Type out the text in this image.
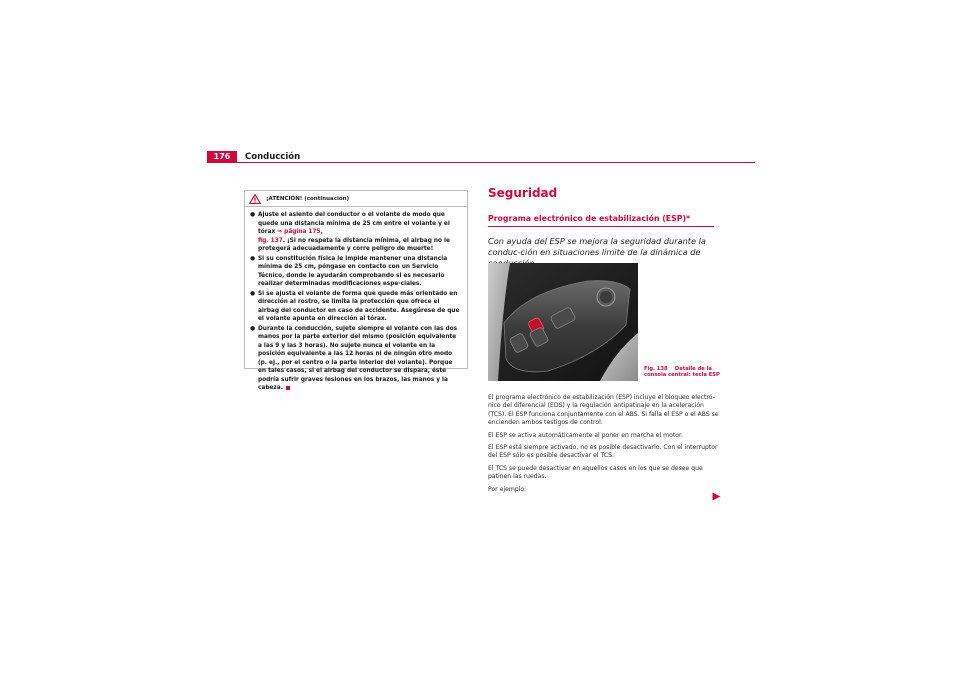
176	Conducción
¡ATENCIÓN! (continuación)
● Ajuste el asiento del conductor o el volante de modo que quede una distancia mínima de 25 cm entre el volante y el tórax ⇒ página 175,
fig. 137. ¡Si no respeta la distancia mínima, el airbag no le protegerá adecuadamente y corre peligro de muerte!
● Si su constitución física le impide mantener una distancia mínima de 25 cm, póngase en contacto con un Servicio Técnico, donde le ayudarán comprobando si es necesario realizar determinadas modificaciones espe-ciales.
● Si se ajusta el volante de forma que quede más orientado en dirección al rostro, se limita la protección que ofrece el airbag del conductor en caso de accidente. Asegúrese de que el volante apunta en dirección al tórax.
● Durante la conducción, sujete siempre el volante con las dos manos por la parte exterior del mismo (posición equivalente a las 9 y las 3 horas). No sujete nunca el volante en la posición equivalente a las 12 horas ni de ningún otro modo (p. ej., por el centro o la parte interior del volante). Porque en tales casos, si el airbag del conductor se dispara, éste podría sufrir graves lesiones en los brazos, las manos y la cabeza.
Seguridad
Programa electrónico de estabilización (ESP)*
Con ayuda del ESP se mejora la seguridad durante la conduc-ción en situaciones límite de la dinámica de
B5P-0658
Fig. 138 Detalle de la consola central: tecla ESP

El programa electrónico de estabilización (ESP) incluye el bloqueo electró-nico del diferencial (EDS) y la regulación antipatinaje en la aceleración (TCS). El ESP funciona conjuntamente con el ABS. Si falla el ESP o el ABS se encienden ambos testigos de control.

El ESP se activa automáticamente al poner en marcha el motor.

El ESP está siempre activado, no es posible desactivarlo. Con el interruptor del ESP sólo es posible desactivar el TCS.

El TCS se puede desactivar en aquellos casos en los que se desee que patinen las ruedas.

Por ejemplo:
